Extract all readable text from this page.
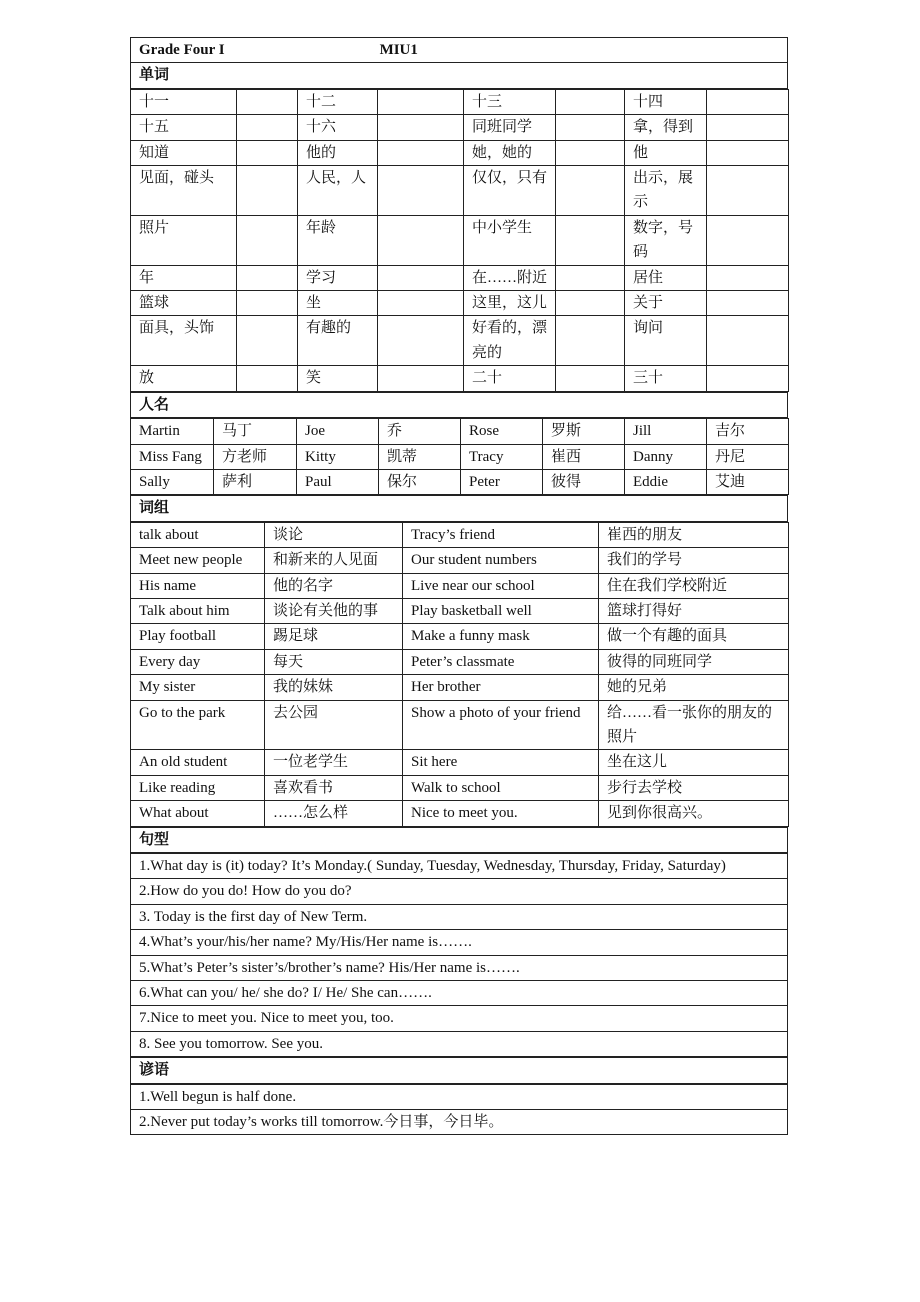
Grade Four I	MIU1
单词
十一		十二		十三		十四	
十五		十六		同班同学		拿，得到	
知道		他的		她，她的		他	
见面，碰头		人民，人		仅仅，只有		出示，展示	
照片		年龄		中小学生		数字，号码	
年		学习		在……附近		居住	
篮球		坐		这里，这儿		关于	
面具，头饰		有趣的		好看的，漂亮的		询问	
放		笑		二十		三十	
人名
Martin	马丁	Joe	乔	Rose	罗斯	Jill	吉尔
Miss Fang	方老师	Kitty	凯蒂	Tracy	崔西	Danny	丹尼
Sally	萨利	Paul	保尔	Peter	彼得	Eddie	艾迪
词组
talk about	谈论	Tracy’s friend	崔西的朋友
Meet new people	和新来的人见面	Our student numbers	我们的学号
His name	他的名字	Live near our school	住在我们学校附近
Talk about him	谈论有关他的事	Play basketball well	篮球打得好
Play football	踢足球	Make a funny mask	做一个有趣的面具
Every day	每天	Peter’s classmate	彼得的同班同学
My sister	我的妹妹	Her brother	她的兄弟
Go to the park	去公园	Show a photo of your friend	给……看一张你的朋友的照片
An old student	一位老学生	Sit here	坐在这儿
Like reading	喜欢看书	Walk to school	步行去学校
What about	……怎么样	Nice to meet you.	见到你很高兴。
句型
1.What day is (it) today? It’s Monday.( Sunday, Tuesday, Wednesday, Thursday, Friday, Saturday)
2.How do you do! How do you do?
3. Today is the first day of New Term.
4.What’s your/his/her name? My/His/Her name is…….
5.What’s Peter’s sister’s/brother’s name? His/Her name is…….
6.What can you/ he/ she do? I/ He/ She can…….
7.Nice to meet you. Nice to meet you, too.
8. See you tomorrow. See you.
谚语
1.Well begun is half done.
2.Never put today’s works till tomorrow.今日事，今日毕。
